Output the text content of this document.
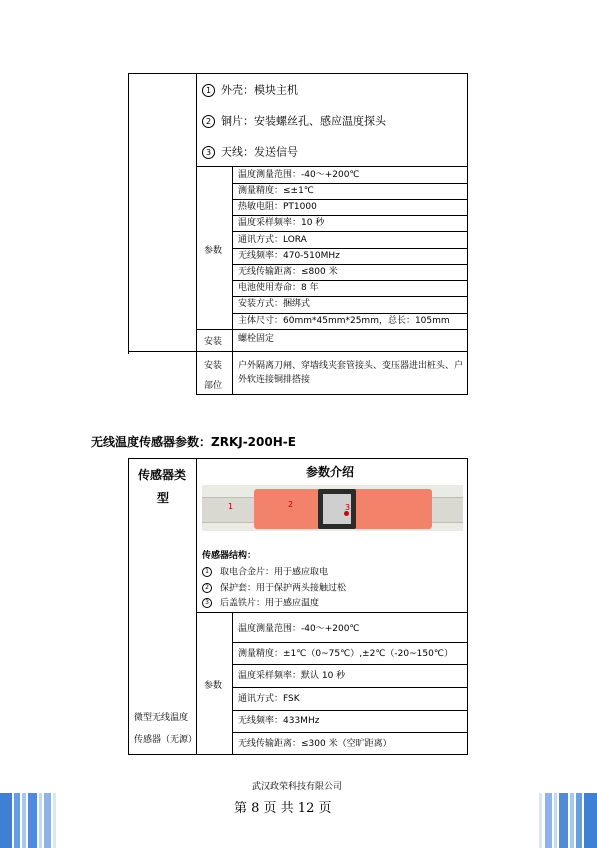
1 外壳：模块主机
2 铜片：安装螺丝孔、感应温度探头
3 天线：发送信号
参数
温度测量范围：-40～+200℃
测量精度：≤±1℃
热敏电阻：PT1000
温度采样频率：10 秒
通讯方式：LORA
无线频率：470-510MHz
无线传输距离：≤800 米
电池使用寿命：8 年
安装方式：捆绑式
主体尺寸：60mm*45mm*25mm，总长：105mm
安装 螺栓固定
安装
部位
户外隔离刀闸、穿墙线夹套管接头、变压器进出桩头、户
外软连接铜排搭接
无线温度传感器参数：ZRKJ-200H-E
传感器类
型
参数介绍
1	2	3
传感器结构：
1 取电合金片：用于感应取电
2 保护套：用于保护两头接触过松
3 后盖铁片：用于感应温度
参数
温度测量范围：-40～+200℃
测量精度：±1℃（0~75℃）,±2℃（-20~150℃）
温度采样频率：默认 10 秒
通讯方式：FSK
无线频率：433MHz
无线传输距离：≤300 米（空旷距离）
微型无线温度
传感器（无源）
武汉政荣科技有限公司
第 8 页 共 12 页
